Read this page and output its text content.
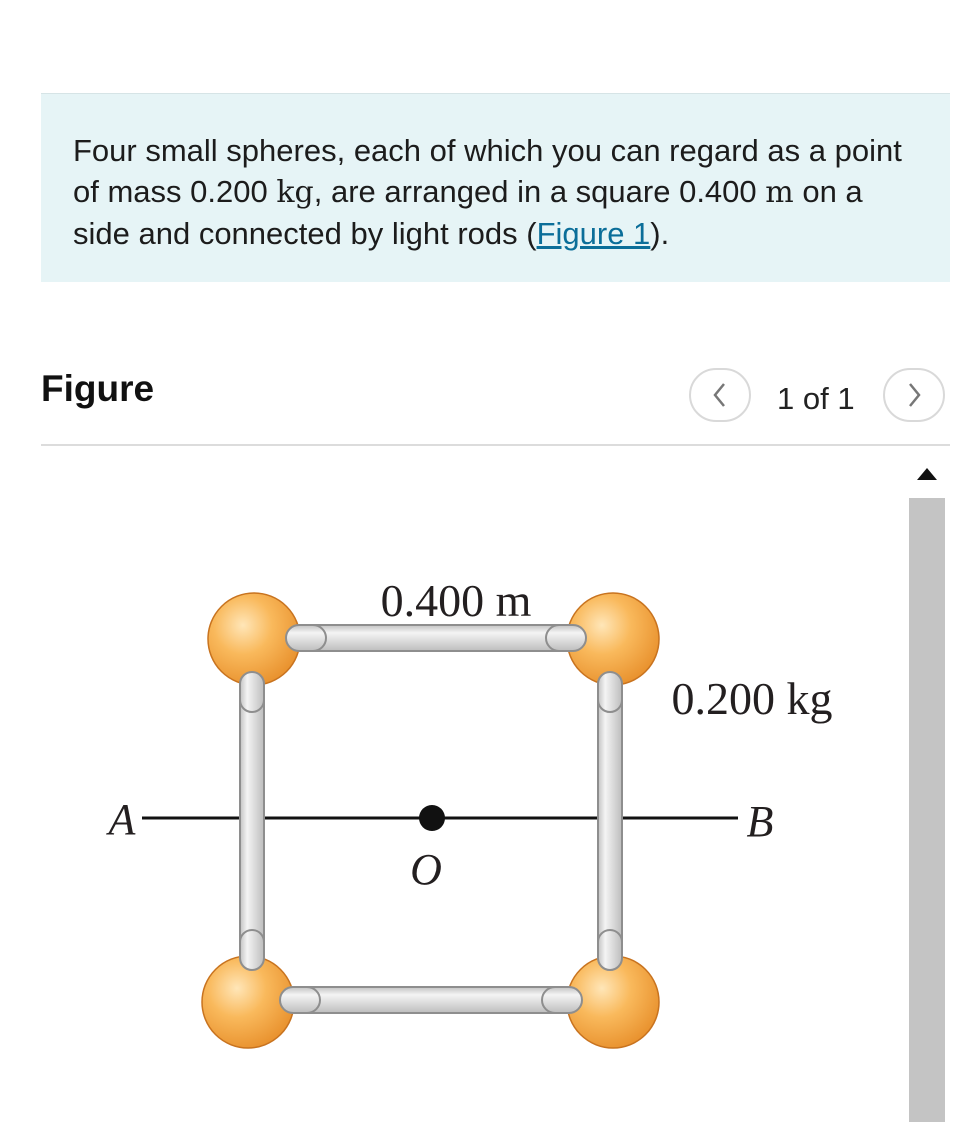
Four small spheres, each of which you can regard as a point of mass 0.200 kg, are arranged in a square 0.400 m on a side and connected by light rods (Figure 1).

Figure	1 of 1
0.400 m
0.200 kg
A	B
O
